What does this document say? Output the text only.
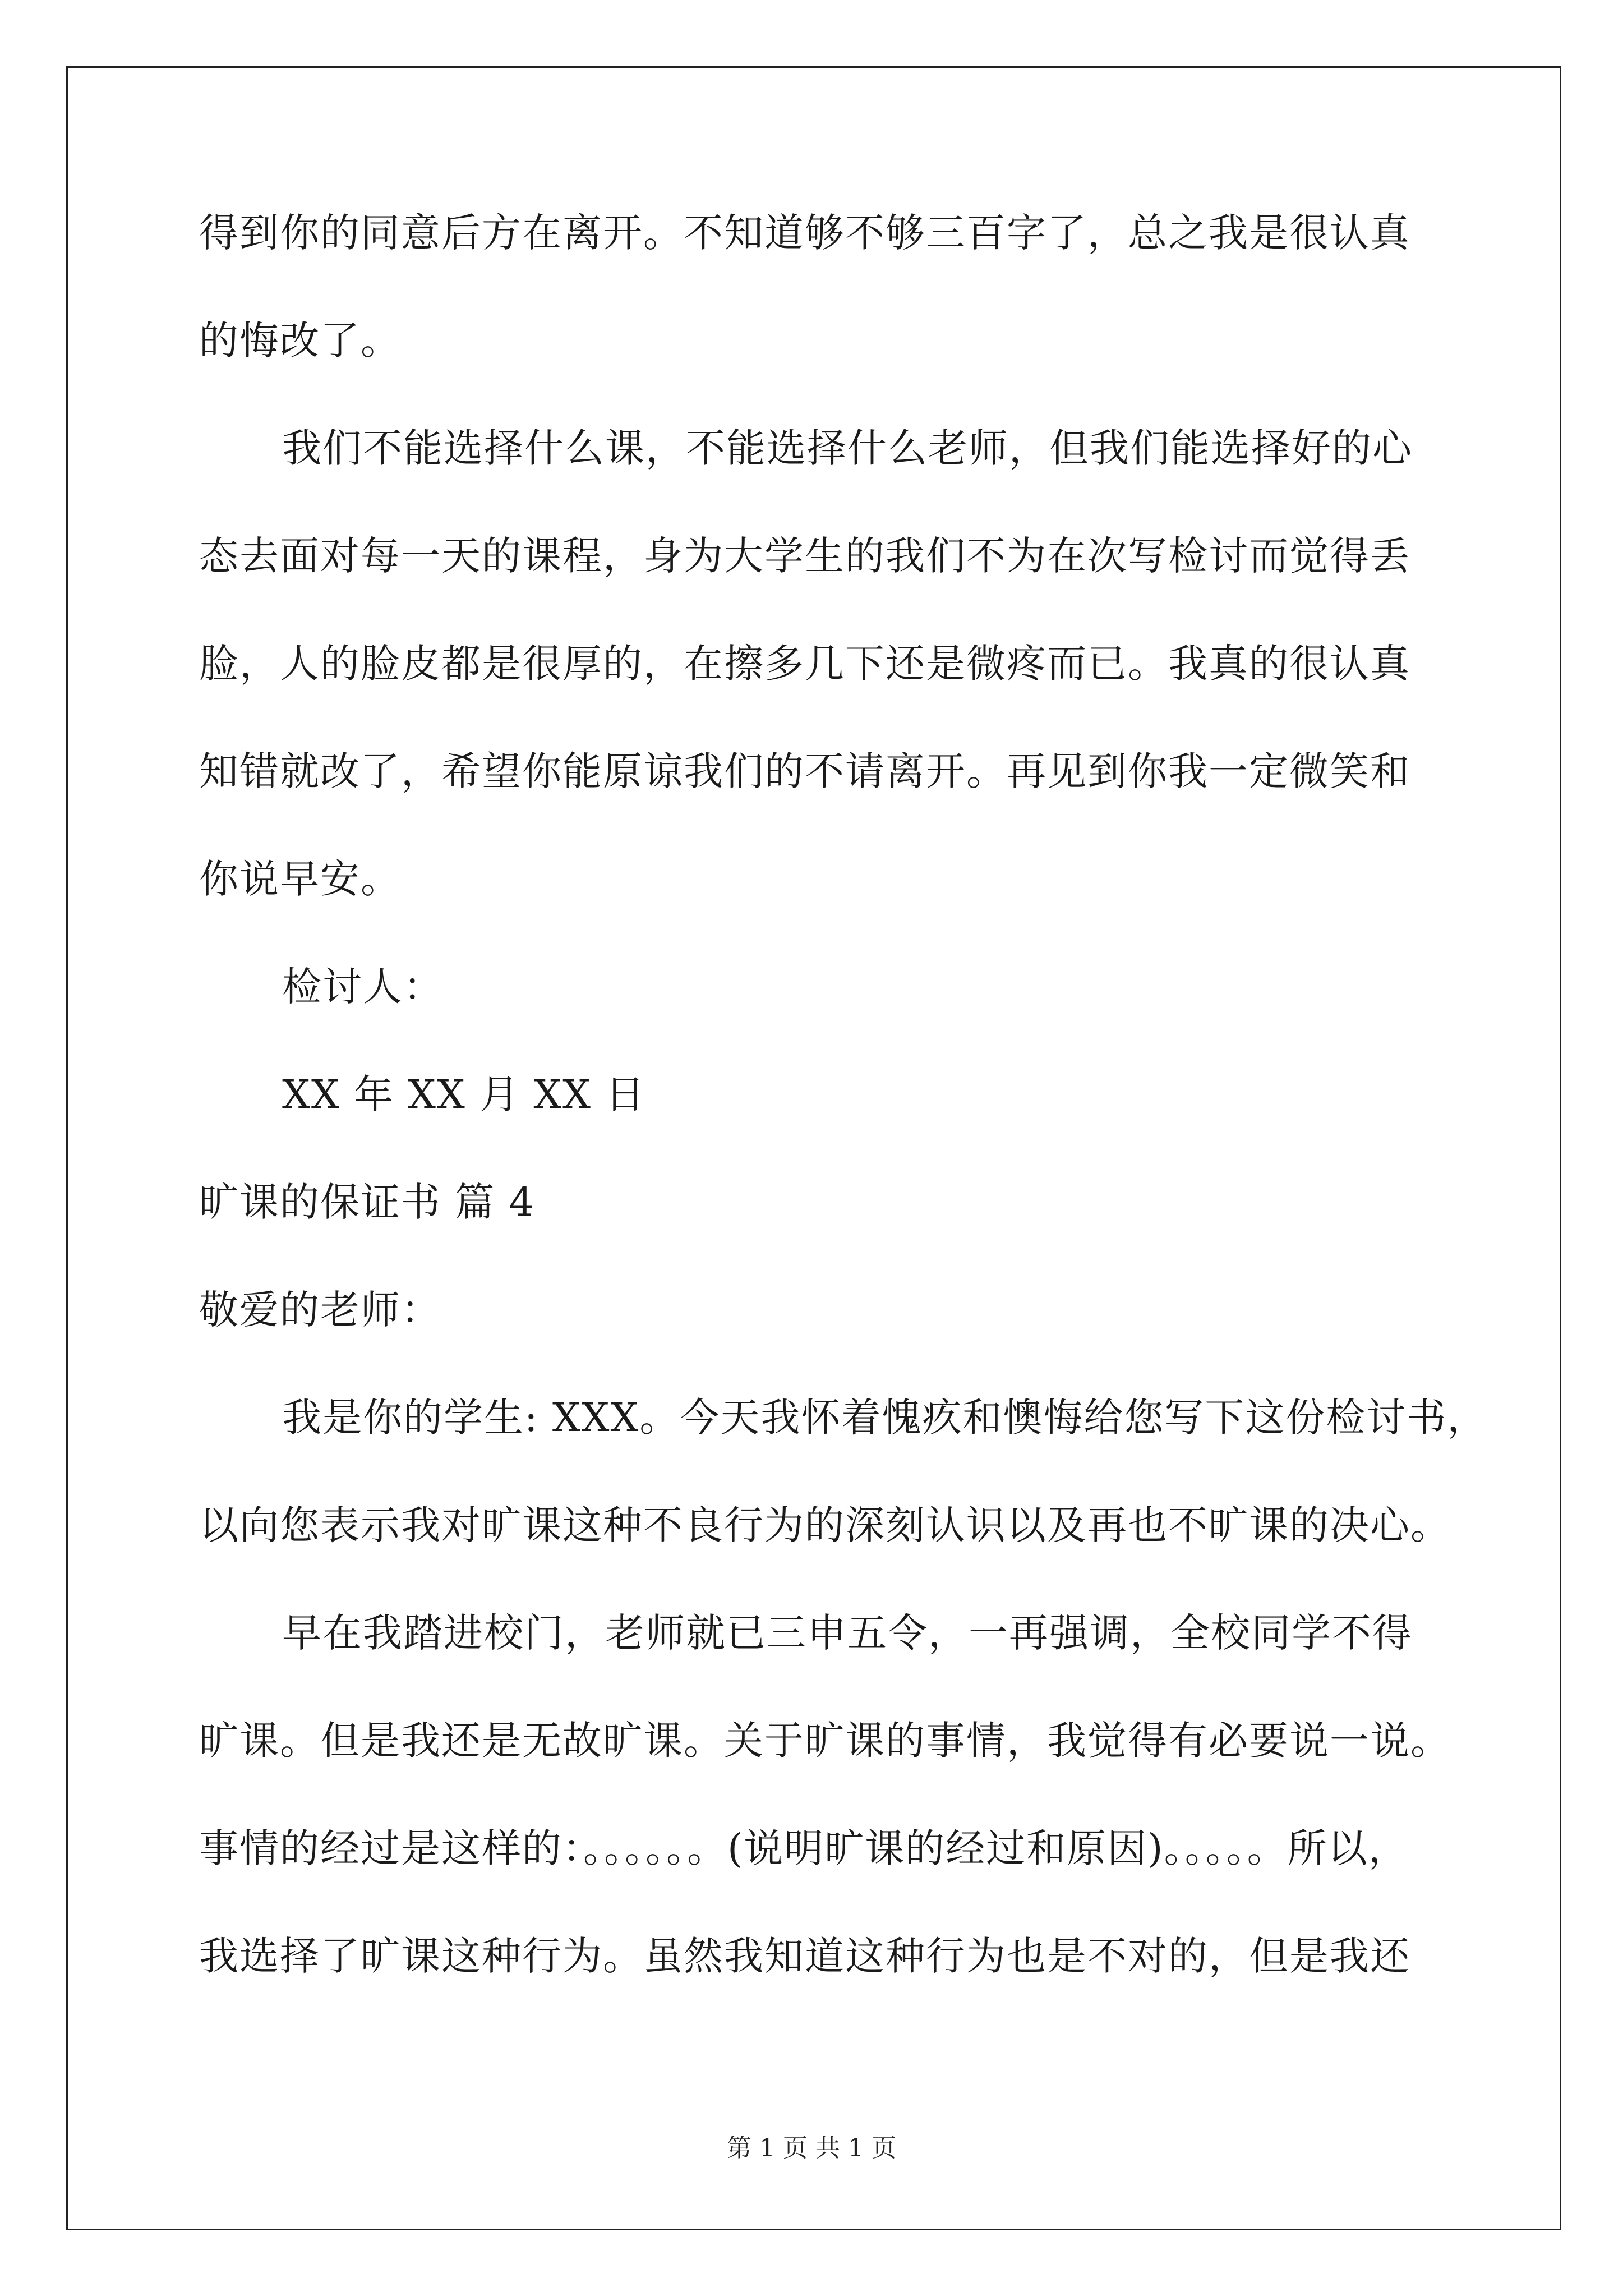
得到你的同意后方在离开。不知道够不够三百字了，总之我是很认真
的悔改了。
我们不能选择什么课，不能选择什么老师，但我们能选择好的心
态去面对每一天的课程，身为大学生的我们不为在次写检讨而觉得丢
脸，人的脸皮都是很厚的，在擦多几下还是微疼而已。我真的很认真
知错就改了，希望你能原谅我们的不请离开。再见到你我一定微笑和
你说早安。
检讨人：
XX 年 XX 月 XX 日
旷课的保证书 篇 4
敬爱的老师：
我是你的学生: XXX。今天我怀着愧疚和懊悔给您写下这份检讨书，
以向您表示我对旷课这种不良行为的深刻认识以及再也不旷课的决心。
早在我踏进校门，老师就已三申五令，一再强调，全校同学不得
旷课。但是我还是无故旷课。关于旷课的事情，我觉得有必要说一说。
事情的经过是这样的：。。。。。。(说明旷课的经过和原因)。。。。。所以，
我选择了旷课这种行为。虽然我知道这种行为也是不对的，但是我还
第 1 页 共 1 页
